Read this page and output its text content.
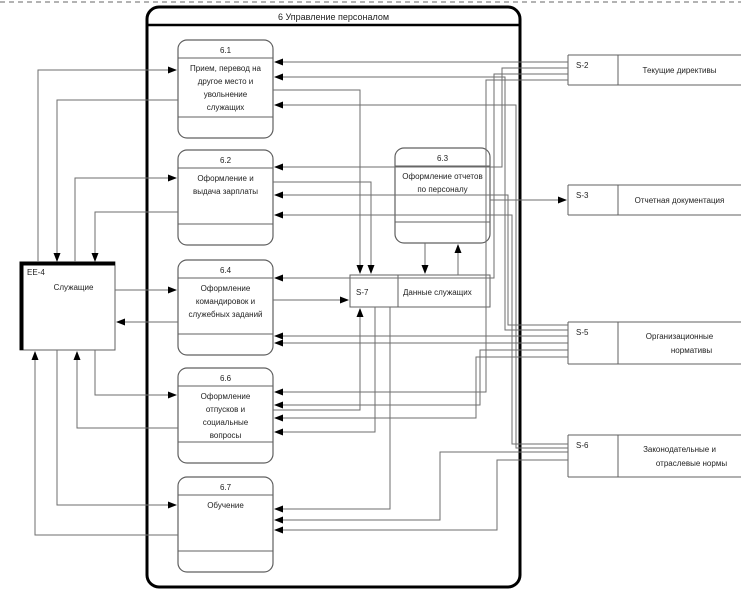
6 Управление персоналом
S-2
Текущие директивы
S-3
Отчетная документация
S-5	Организационные
нормативы
S-6	Законодательные и
отраслевые нормы
6.1
Прием, перевод на
другое место и
увольнение
служащих
6.2
Оформление и
выдача зарплаты
6.3
Оформление отчетов
по персоналу
6.4
Оформление
командировок и
служебных заданий
6.6
Оформление
отпусков и
социальные
вопросы
6.7
Обучение
EE-4
Служащие
S-7	Данные служащих
